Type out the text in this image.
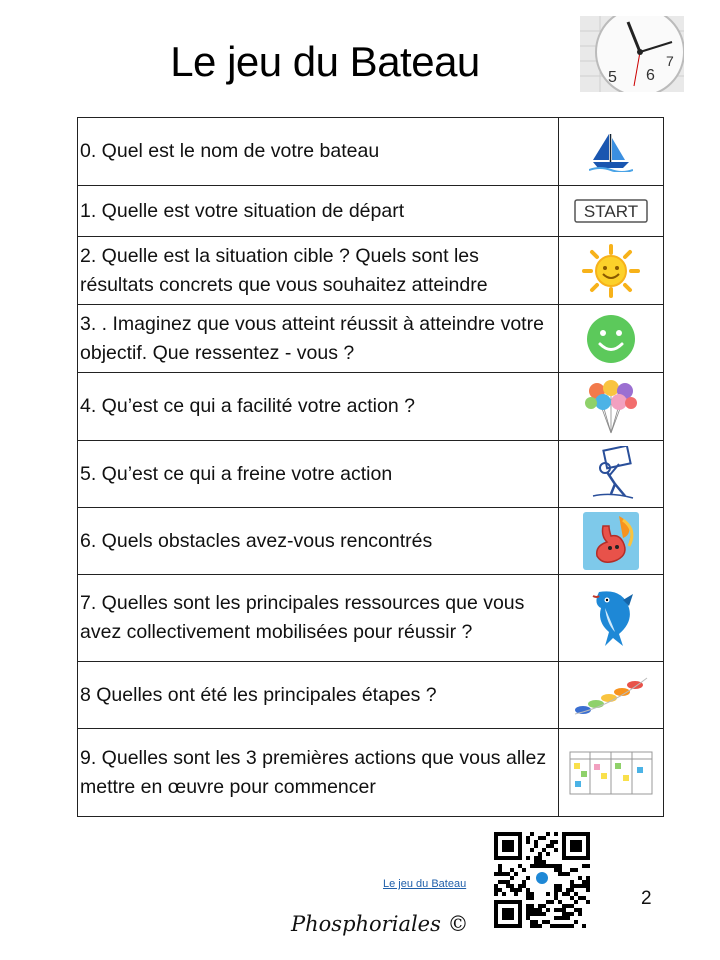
Le jeu du Bateau	5 6
7
0. Quel est le nom de votre bateau	

1. Quelle est votre situation de départ	START

2. Quelle est la situation cible ? Quels sont les résultats concrets que vous souhaitez atteindre	

3. . Imaginez que vous atteint réussit à atteindre votre objectif. Que ressentez - vous ?	

4. Qu’est ce qui a facilité votre action ?	

5. Qu’est ce qui a freine votre action	

6. Quels obstacles avez-vous rencontrés	

7. Quelles sont les principales ressources que vous avez collectivement mobilisées pour réussir ?	

8 Quelles ont été les principales étapes ?	

9. Quelles sont les 3 premières actions que vous allez mettre en œuvre pour commencer	
Le jeu du Bateau
2
Phosphoriales ©
